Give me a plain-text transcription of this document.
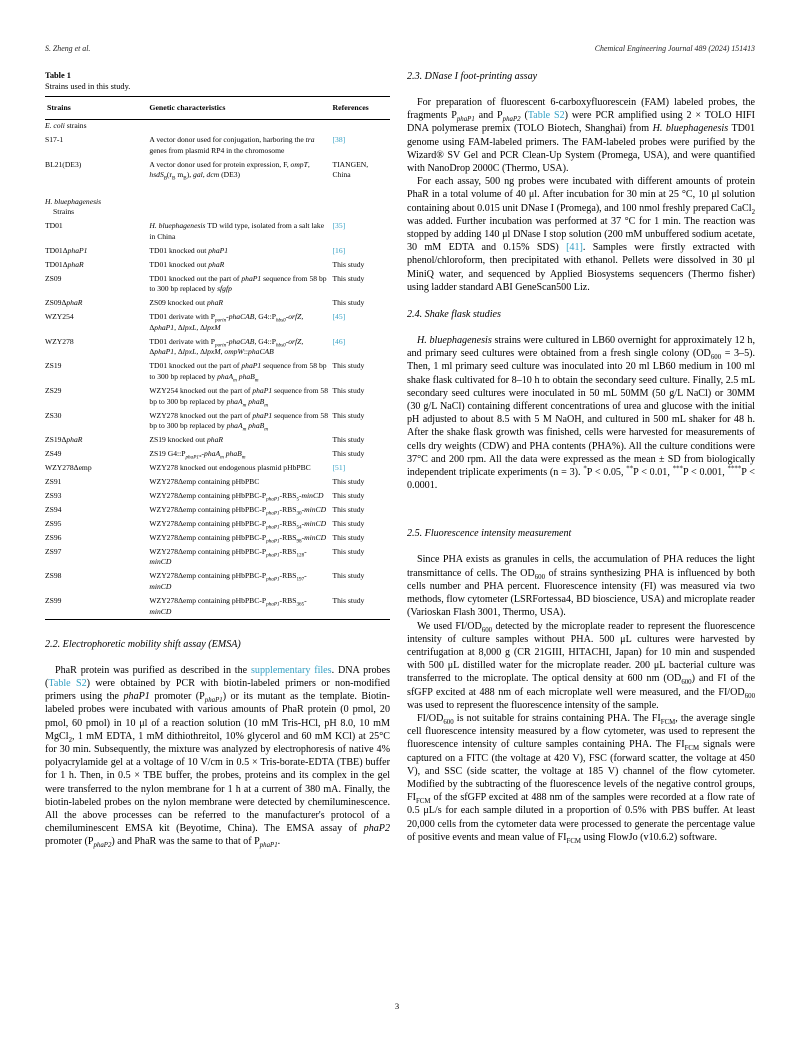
S. Zheng et al.	Chemical Engineering Journal 489 (2024) 151413
Table 1
Strains used in this study.
Strains	Genetic characteristics	References
E. coli strains		
S17-1	A vector donor used for conjugation, harboring the tra genes from plasmid RP4 in the chromosome	[38]
BL21(DE3)	A vector donor used for protein expression, F, ompT, $hsdS_B(r_B$ $m_B$), gal, dcm (DE3)	TIANGEN, China
H. bluephagenesis
Strains		
TD01	H. bluephagenesis TD wild type, isolated from a salt lake in China	[35]
TD01ΔphaP1	TD01 knocked out phaP1	[16]
TD01ΔphaR	TD01 knocked out phaR	This study
ZS09	TD01 knocked out the part of phaP1 sequence from 58 bp to 300 bp replaced by sfgfp	This study
ZS09ΔphaR	ZS09 knocked out phaR	This study
WZY254	TD01 derivate with $P_{porin}$-phaCAB, $G4::P_{hbs0}$-orfZ, ΔphaP1, ΔlpxL, ΔlpxM	[45]
WZY278	TD01 derivate with $P_{porin}$-phaCAB, $G4::P_{hbs0}$-orfZ, ΔphaP1, ΔlpxL, ΔlpxM, ompW::phaCAB	[46]
ZS19	TD01 knocked out the part of phaP1 sequence from 58 bp to 300 bp replaced by phaA$_m$ phaB$_m$	This study
ZS29	WZY254 knocked out the part of phaP1 sequence from 58 bp to 300 bp replaced by phaA$_m$ phaB$_m$	This study
ZS30	WZY278 knocked out the part of phaP1 sequence from 58 bp to 300 bp replaced by phaA$_m$ phaB$_m$	This study
ZS19ΔphaR	ZS19 knocked out phaR	This study
ZS49	ZS19 $G4::P_{phaP1*}-phaA_m$ phaB$_m$	This study
WZY278Δemp	WZY278 knocked out endogenous plasmid pHbPBC	[51]
ZS91	WZY278Δemp containing pHbPBC	This study
ZS93	WZY278Δemp containing pHbPBC-$P_{phaP1}-RBS_5$-minCD	This study
ZS94	WZY278Δemp containing pHbPBC-$P_{phaP1}-RBS_{30}$-minCD	This study
ZS95	WZY278Δemp containing pHbPBC-$P_{phaP1}-RBS_{54}$-minCD	This study
ZS96	WZY278Δemp containing pHbPBC-$P_{phaP1}-RBS_{98}$-minCD	This study
ZS97	WZY278Δemp containing pHbPBC-$P_{phaP1}-RBS_{128}$-minCD	This study
ZS98	WZY278Δemp containing pHbPBC-$P_{phaP1}-RBS_{197}$-minCD	This study
ZS99	WZY278Δemp containing pHbPBC-$P_{phaP1}-RBS_{365}$-minCD	This study
2.2. Electrophoretic mobility shift assay (EMSA)

PhaR protein was purified as described in the supplementary files. DNA probes (Table S2) were obtained by PCR with biotin-labeled primers or non-modified primers using the phaP1 promoter $(P_{phaP1})$ or its mutant as the template. Biotin-labeled probes were incubated with various amounts of PhaR protein (0 pmol, 20 pmol, 60 pmol) in 10 μl of a reaction solution (10 mM Tris-HCl, pH 8.0, 10 mM MgCl$_2$, 1 mM EDTA, 1 mM dithiothreitol, 10% glycerol and 60 mM KCl) at 25°C for 30 min. Subsequently, the mixture was analyzed by electrophoresis of native 4% polyacrylamide gel at a voltage of 10 V/cm in 0.5 × Tris-borate-EDTA (TBE) buffer for 1 h. Then, in 0.5 × TBE buffer, the probes, proteins and its complex in the gel were transferred to the nylon membrane for 1 h at a current of 380 mA. Finally, the biotin-labeled probes on the nylon membrane were detected by chemiluminescence. All the above processes can be referred to the manufacturer's protocol of a chemiluminescent EMSA kit (Beyotime, China). The EMSA assay of phaP2 promoter $(P_{phaP2})$ and PhaR was the same to that of $P_{phaP1}$.

2.3. DNase I foot-printing assay

For preparation of fluorescent 6-carboxyfluorescein (FAM) labeled probes, the fragments $P_{phaP1}$ and $P_{phaP2}$ (Table S2) were PCR amplified using 2 × TOLO HIFI DNA polymerase premix (TOLO Biotech, Shanghai) from H. bluephagenesis TD01 genome using FAM-labeled primers. The FAM-labeled probes were purified by the Wizard® SV Gel and PCR Clean-Up System (Promega, USA), and were quantified with NanoDrop 2000C (Thermo, USA).

For each assay, 500 ng probes were incubated with different amounts of protein PhaR in a total volume of 40 μl. After incubation for 30 min at 25 °C, 10 μl solution containing about 0.015 unit DNase I (Promega), and 100 nmol freshly prepared CaCl$_2$ was added. Further incubation was performed at 37 °C for 1 min. The reaction was stopped by adding 140 μl DNase I stop solution (200 mM unbuffered sodium acetate, 30 mM EDTA and 0.15% SDS) [41]. Samples were firstly extracted with phenol/chloroform, then precipitated with ethanol. Pellets were dissolved in 30 μl MiniQ water, and sequenced by Applied Biosystems sequencers (Thermo fisher) using ladder standard ABI GeneScan500 Liz.

2.4. Shake flask studies

H. bluephagenesis strains were cultured in LB60 overnight for approximately 12 h, and primary seed cultures were obtained from a fresh single colony $(OD_{600} = 3-5)$. Then, 1 ml primary seed culture was inoculated into 20 ml LB60 medium in 100 ml shake flask cultivated for 8–10 h to obtain the secondary seed culture. Finally, 2.5 mL secondary seed cultures were inoculated in 50 mL 50MM (50 g/L NaCl) or 30MM (30 g/L NaCl) containing different concentrations of urea and glucose with the initial pH adjusted to about 8.5 with 5 M NaOH, and cultured in 500 mL shaker for 48 h. After the shake flask growth was finished, cells were harvested for measurements of cells dry weights (CDW) and PHA contents (PHA%). All the culture conditions were 37°C and 200 rpm. All the data were expressed as the mean ± SD from biologically independent triplicate experiments (n = 3). *P < 0.05, **P < 0.01, ***P < 0.001, ****P < 0.0001.

2.5. Fluorescence intensity measurement

Since PHA exists as granules in cells, the accumulation of PHA reduces the light transmittance of cells. The $OD_{600}$ of strains synthesizing PHA is influenced by both cells number and PHA percent. Fluorescence intensity (FI) was measured via two methods, flow cytometer (LSRFortessa4, BD bioscience, USA) and microplate reader (Varioskan Flash 3001, Thermo, USA).

We used $FI/OD_{600}$ detected by the microplate reader to represent the fluorescence intensity of culture samples without PHA. 500 μL cultures were harvested by centrifugation at 8,000 g (CR 21GIII, HITACHI, Japan) for 10 min and suspended with 500 μL distilled water for the microplate reader. 200 μL bacterial culture was transferred to the microplate. The optical density at 600 nm $(OD_{600})$ and FI of the sfGFP excited at 488 nm of each microplate well were measured, and the $FI/OD_{600}$ was used to represent the fluorescence intensity of the sample.

$FI/OD_{600}$ is not suitable for strains containing PHA. The $FI_{FCM}$, the average single cell fluorescence intensity measured by a flow cytometer, was used to represent the fluorescence intensity of culture samples containing PHA. The $FI_{FCM}$ signals were captured on a FITC (the voltage at 420 V), FSC (forward scatter, the voltage at 450 V), and SSC (side scatter, the voltage at 185 V) channel of the flow cytometer. Modified by the subtracting of the fluorescence levels of the negative control groups, $FI_{FCM}$ of the sfGFP excited at 488 nm of the samples were recorded at a flow rate of 0.5 μL/s for each sample diluted in a proportion of 0.5% with PBS buffer. At least 20,000 cells from the cytometer data were processed to generate the percentage value of positive events and mean value of $FI_{FCM}$ using FlowJo (v10.6.2) software.

3
